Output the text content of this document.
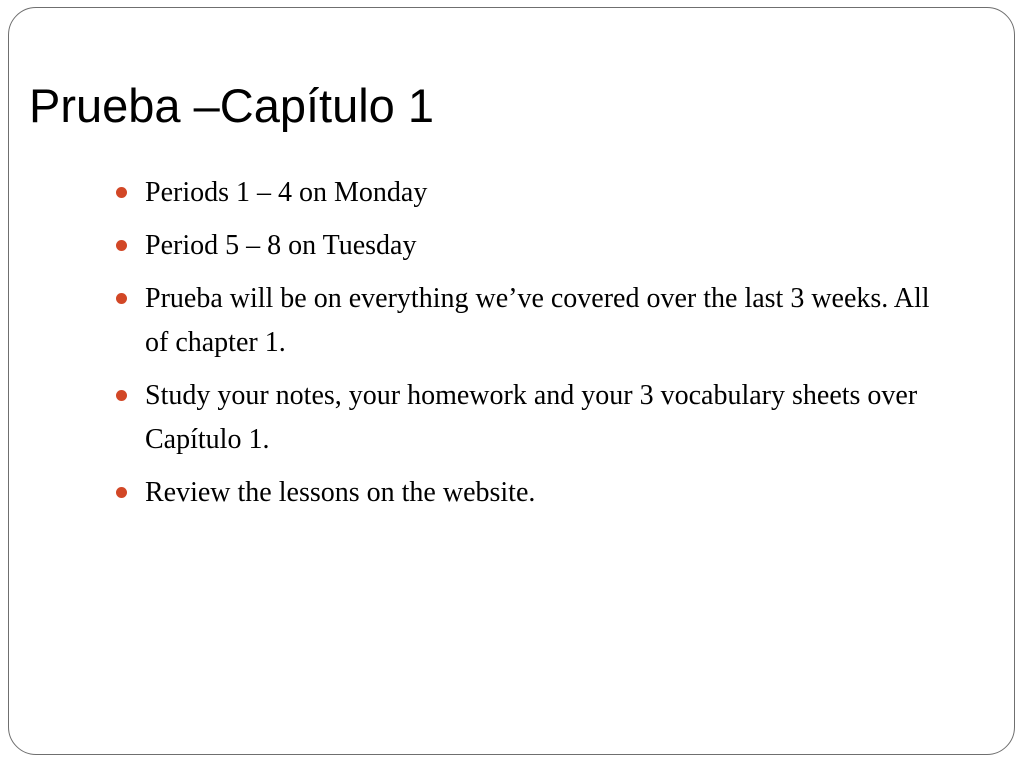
Prueba –Capítulo 1
Periods 1 – 4 on Monday
Period 5 – 8 on Tuesday
Prueba will be on everything we’ve covered over the last 3 weeks. All of chapter 1.
Study your notes, your homework and your 3 vocabulary sheets over Capítulo 1.
Review the lessons on the website.
